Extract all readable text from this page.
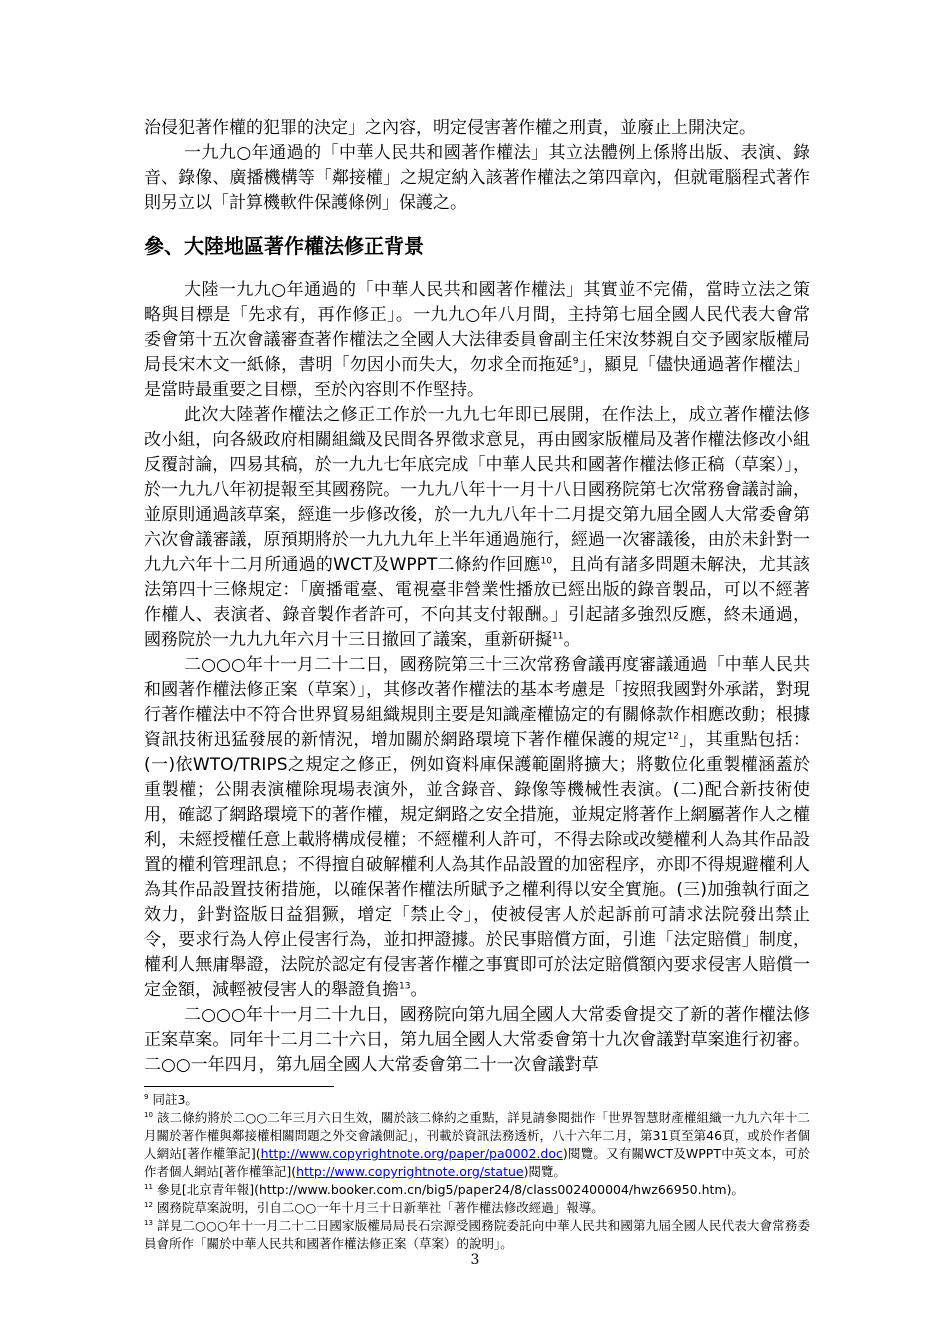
治侵犯著作權的犯罪的決定」之內容，明定侵害著作權之刑責，並廢止上開決定。

一九九○年通過的「中華人民共和國著作權法」其立法體例上係將出版、表演、錄音、錄像、廣播機構等「鄰接權」之規定納入該著作權法之第四章內，但就電腦程式著作則另立以「計算機軟件保護條例」保護之。

參、大陸地區著作權法修正背景

大陸一九九○年通過的「中華人民共和國著作權法」其實並不完備，當時立法之策略與目標是「先求有，再作修正」。一九九○年八月間，主持第七屆全國人民代表大會常委會第十五次會議審查著作權法之全國人大法律委員會副主任宋汝棼親自交予國家版權局局長宋木文一紙條，書明「勿因小而失大，勿求全而拖延$^9$」，顯見「儘快通過著作權法」是當時最重要之目標，至於內容則不作堅持。

此次大陸著作權法之修正工作於一九九七年即已展開，在作法上，成立著作權法修改小組，向各級政府相關組織及民間各界徵求意見，再由國家版權局及著作權法修改小組反覆討論，四易其稿，於一九九七年底完成「中華人民共和國著作權法修正稿（草案）」，於一九九八年初提報至其國務院。一九九八年十一月十八日國務院第七次常務會議討論，並原則通過該草案，經進一步修改後，於一九九八年十二月提交第九屆全國人大常委會第六次會議審議，原預期將於一九九九年上半年通過施行，經過一次審議後，由於未針對一九九六年十二月所通過的WCT及WPPT二條約作回應$^{10}$，且尚有諸多問題未解決，尤其該法第四十三條規定：「廣播電臺、電視臺非營業性播放已經出版的錄音製品，可以不經著作權人、表演者、錄音製作者許可，不向其支付報酬。」引起諸多強烈反應，終未通過，國務院於一九九九年六月十三日撤回了議案，重新研擬$^{11}$。

二○○○年十一月二十二日，國務院第三十三次常務會議再度審議通過「中華人民共和國著作權法修正案（草案）」，其修改著作權法的基本考慮是「按照我國對外承諾，對現行著作權法中不符合世界貿易組織規則主要是知識產權協定的有關條款作相應改動；根據資訊技術迅猛發展的新情況，增加關於網路環境下著作權保護的規定$^{12}$」，其重點包括：(一)依WTO/TRIPS之規定之修正，例如資料庫保護範圍將擴大；將數位化重製權涵蓋於重製權；公開表演權除現場表演外，並含錄音、錄像等機械性表演。(二)配合新技術使用，確認了網路環境下的著作權，規定網路之安全措施，並規定將著作上網屬著作人之權利，未經授權任意上載將構成侵權；不經權利人許可，不得去除或改變權利人為其作品設置的權利管理訊息；不得擅自破解權利人為其作品設置的加密程序，亦即不得規避權利人為其作品設置技術措施，以確保著作權法所賦予之權利得以安全實施。(三)加強執行面之效力，針對盜版日益猖獗，增定「禁止令」，使被侵害人於起訴前可請求法院發出禁止令，要求行為人停止侵害行為，並扣押證據。於民事賠償方面，引進「法定賠償」制度，權利人無庸舉證，法院於認定有侵害著作權之事實即可於法定賠償額內要求侵害人賠償一定金額，減輕被侵害人的舉證負擔$^{13}$。

二○○○年十一月二十九日，國務院向第九屆全國人大常委會提交了新的著作權法修正案草案。同年十二月二十六日，第九屆全國人大常委會第十九次會議對草案進行初審。二○○一年四月，第九屆全國人大常委會第二十一次會議對草

$^9$ 同註3。

$^{10}$ 該二條約將於二○○二年三月六日生效，關於該二條約之重點，詳見請參閱拙作「世界智慧財產權組織一九九六年十二月關於著作權與鄰接權相關問題之外交會議側記」，刊載於資訊法務透析，八十六年二月，第31頁至第46頁，或於作者個人網站[著作權筆記](http://www.copyrightnote.org/paper/pa0002.doc)閱覽。又有關WCT及WPPT中英文本，可於作者個人網站[著作權筆記](http://www.copyrightnote.org/statue)閱覽。

$^{11}$ 參見[北京青年報](http://www.booker.com.cn/big5/paper24/8/class002400004/hwz66950.htm)。

$^{12}$ 國務院草案說明，引自二○○一年十月三十日新華社「著作權法修改經過」報導。

$^{13}$ 詳見二○○○年十一月二十二日國家版權局局長石宗源受國務院委託向中華人民共和國第九屆全國人民代表大會常務委員會所作「關於中華人民共和國著作權法修正案（草案）的說明」。

3
